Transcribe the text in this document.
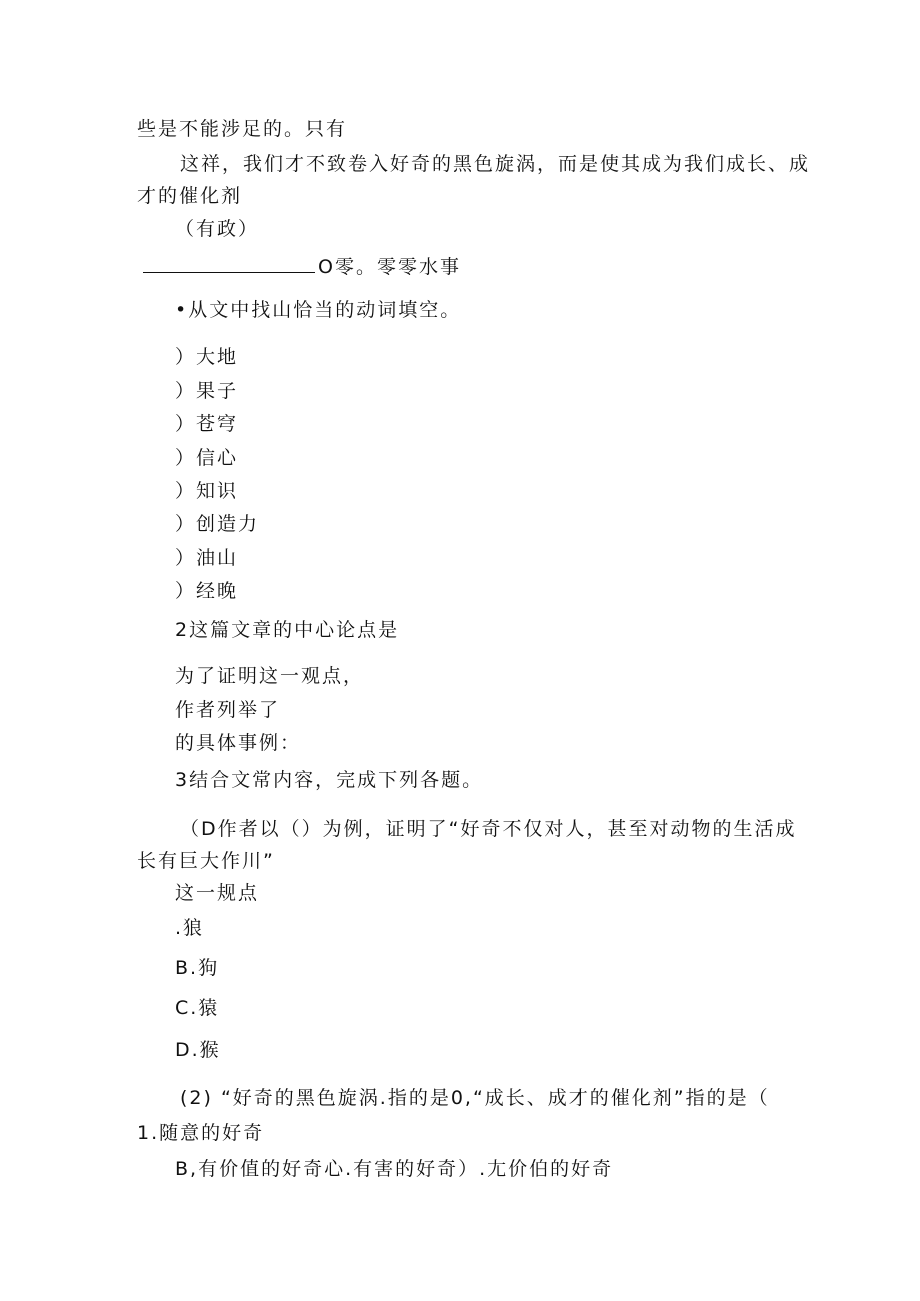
些是不能涉足的。只有
这祥，我们才不致卷入好奇的黑色旋涡，而是使其成为我们成长、成
才的催化剂
（有政）
O零。零零水事
•从文中找山恰当的动词填空。
）大地
）果子
）苍穹
）信心
）知识
）创造力
）油山
）经晚
2这篇文章的中心论点是
为了证明这一观点，
作者列举了
的具体事例：
3结合文常内容，完成下列各题。
（D作者以（）为例，证明了“好奇不仅对人，甚至对动物的生活成
长有巨大作川”
这一规点
.狼
B.狗
C.猿
D.猴
(2) “好奇的黑色旋涡.指的是0,“成长、成才的催化剂”指的是（
1.随意的好奇
B,有价值的好奇心.有害的好奇）.尢价伯的好奇
